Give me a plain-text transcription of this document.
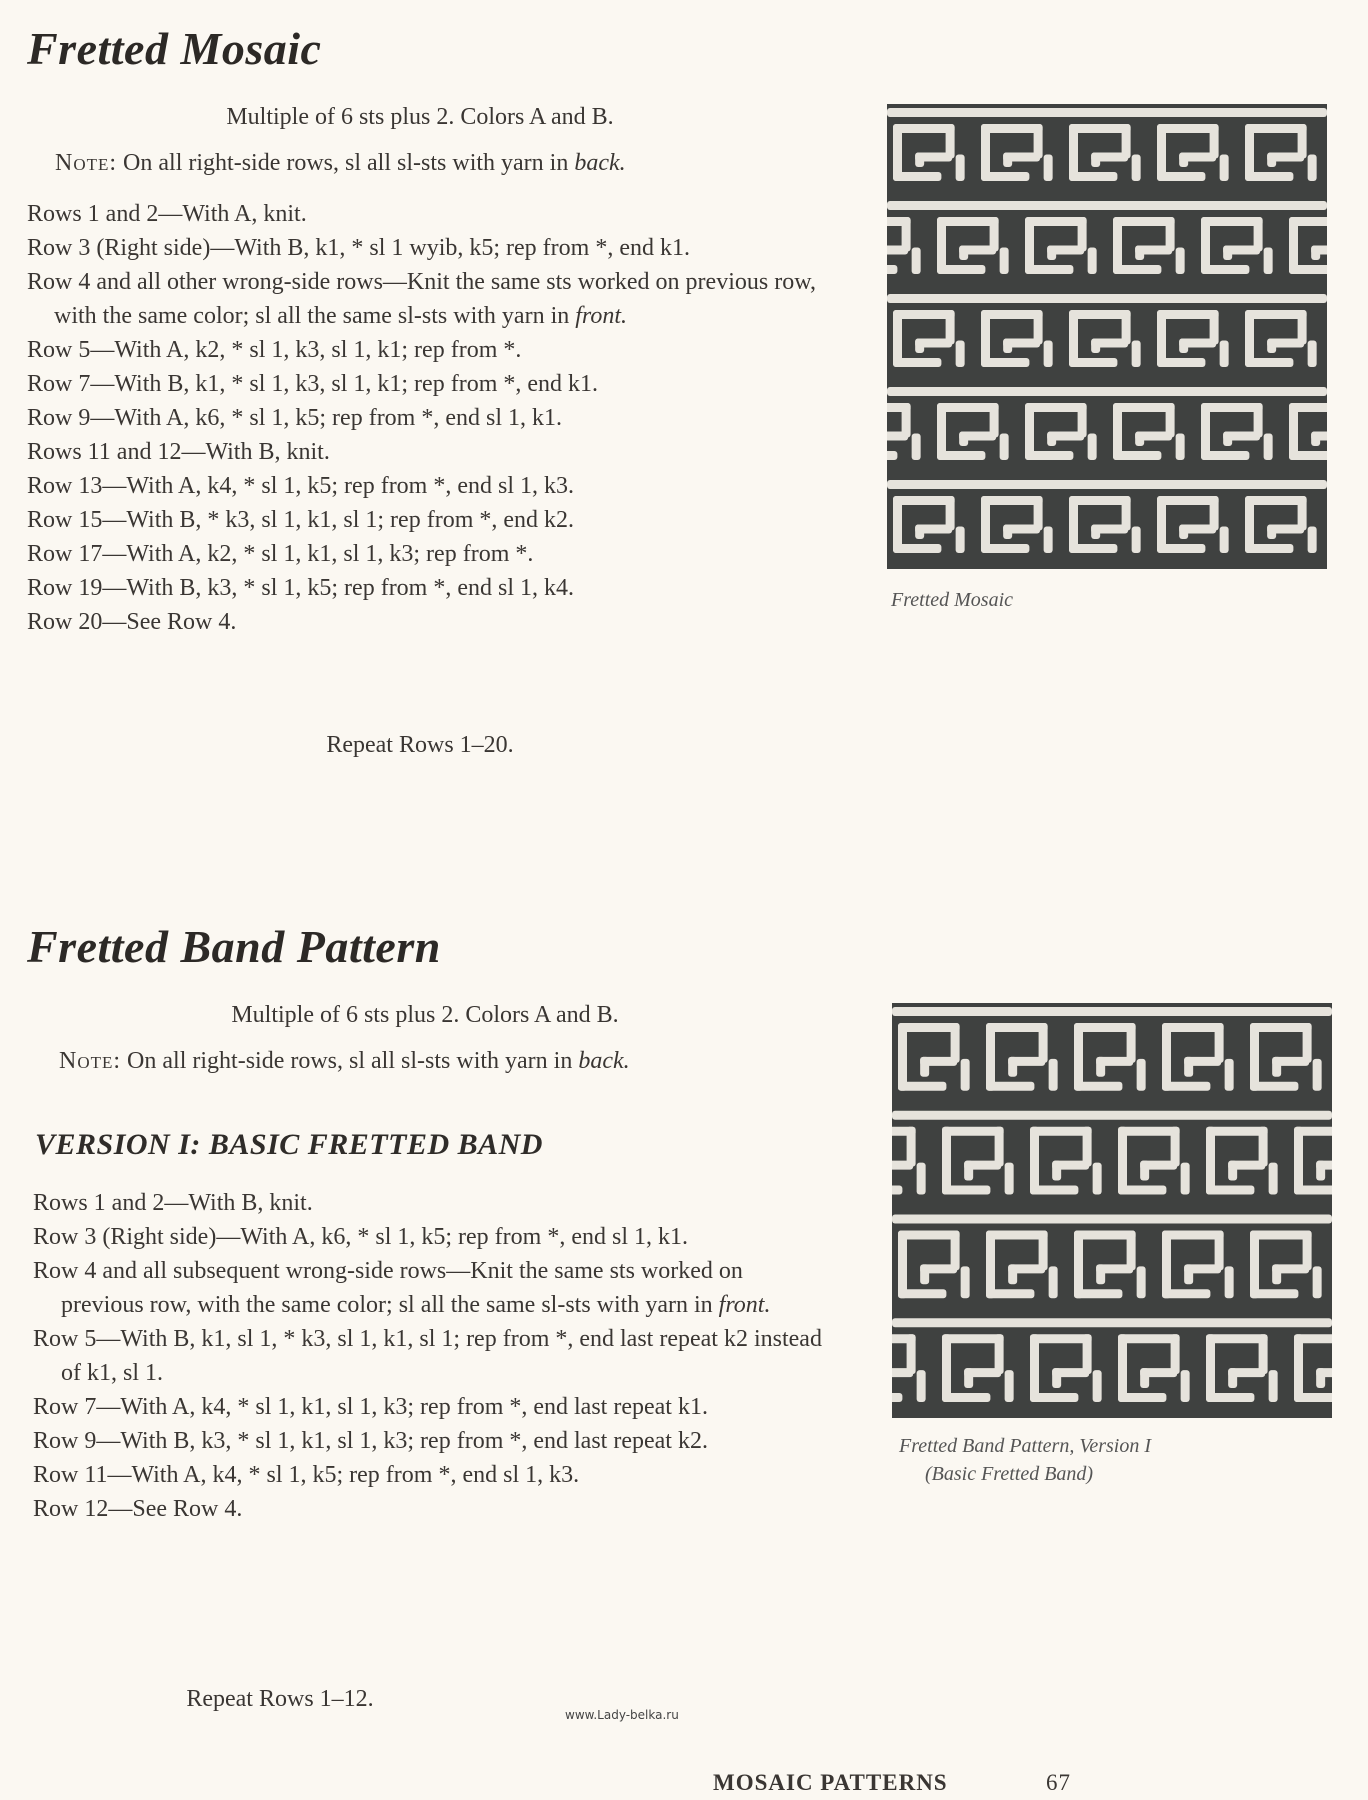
Fretted Mosaic
Multiple of 6 sts plus 2. Colors A and B.
Note: On all right-side rows, sl all sl-sts with yarn in back.

Rows 1 and 2—With A, knit.

Row 3 (Right side)—With B, k1, * sl 1 wyib, k5; rep from *, end k1.

Row 4 and all other wrong-side rows—Knit the same sts worked on previous row, with the same color; sl all the same sl-sts with yarn in front.

Row 5—With A, k2, * sl 1, k3, sl 1, k1; rep from *.

Row 7—With B, k1, * sl 1, k3, sl 1, k1; rep from *, end k1.

Row 9—With A, k6, * sl 1, k5; rep from *, end sl 1, k1.

Rows 11 and 12—With B, knit.

Row 13—With A, k4, * sl 1, k5; rep from *, end sl 1, k3.

Row 15—With B, * k3, sl 1, k1, sl 1; rep from *, end k2.

Row 17—With A, k2, * sl 1, k1, sl 1, k3; rep from *.

Row 19—With B, k3, * sl 1, k5; rep from *, end sl 1, k4.

Row 20—See Row 4.

Repeat Rows 1–20.
Fretted Mosaic
Fretted Band Pattern
Multiple of 6 sts plus 2. Colors A and B.
Note: On all right-side rows, sl all sl-sts with yarn in back.
VERSION I: BASIC FRETTED BAND

Rows 1 and 2—With B, knit.

Row 3 (Right side)—With A, k6, * sl 1, k5; rep from *, end sl 1, k1.

Row 4 and all subsequent wrong-side rows—Knit the same sts worked on previous row, with the same color; sl all the same sl-sts with yarn in front.

Row 5—With B, k1, sl 1, * k3, sl 1, k1, sl 1; rep from *, end last repeat k2 instead of k1, sl 1.

Row 7—With A, k4, * sl 1, k1, sl 1, k3; rep from *, end last repeat k1.

Row 9—With B, k3, * sl 1, k1, sl 1, k3; rep from *, end last repeat k2.

Row 11—With A, k4, * sl 1, k5; rep from *, end sl 1, k3.

Row 12—See Row 4.

Repeat Rows 1–12.
www.Lady-belka.ru
Fretted Band Pattern, Version I
(Basic Fretted Band)
MOSAIC PATTERNS	67
